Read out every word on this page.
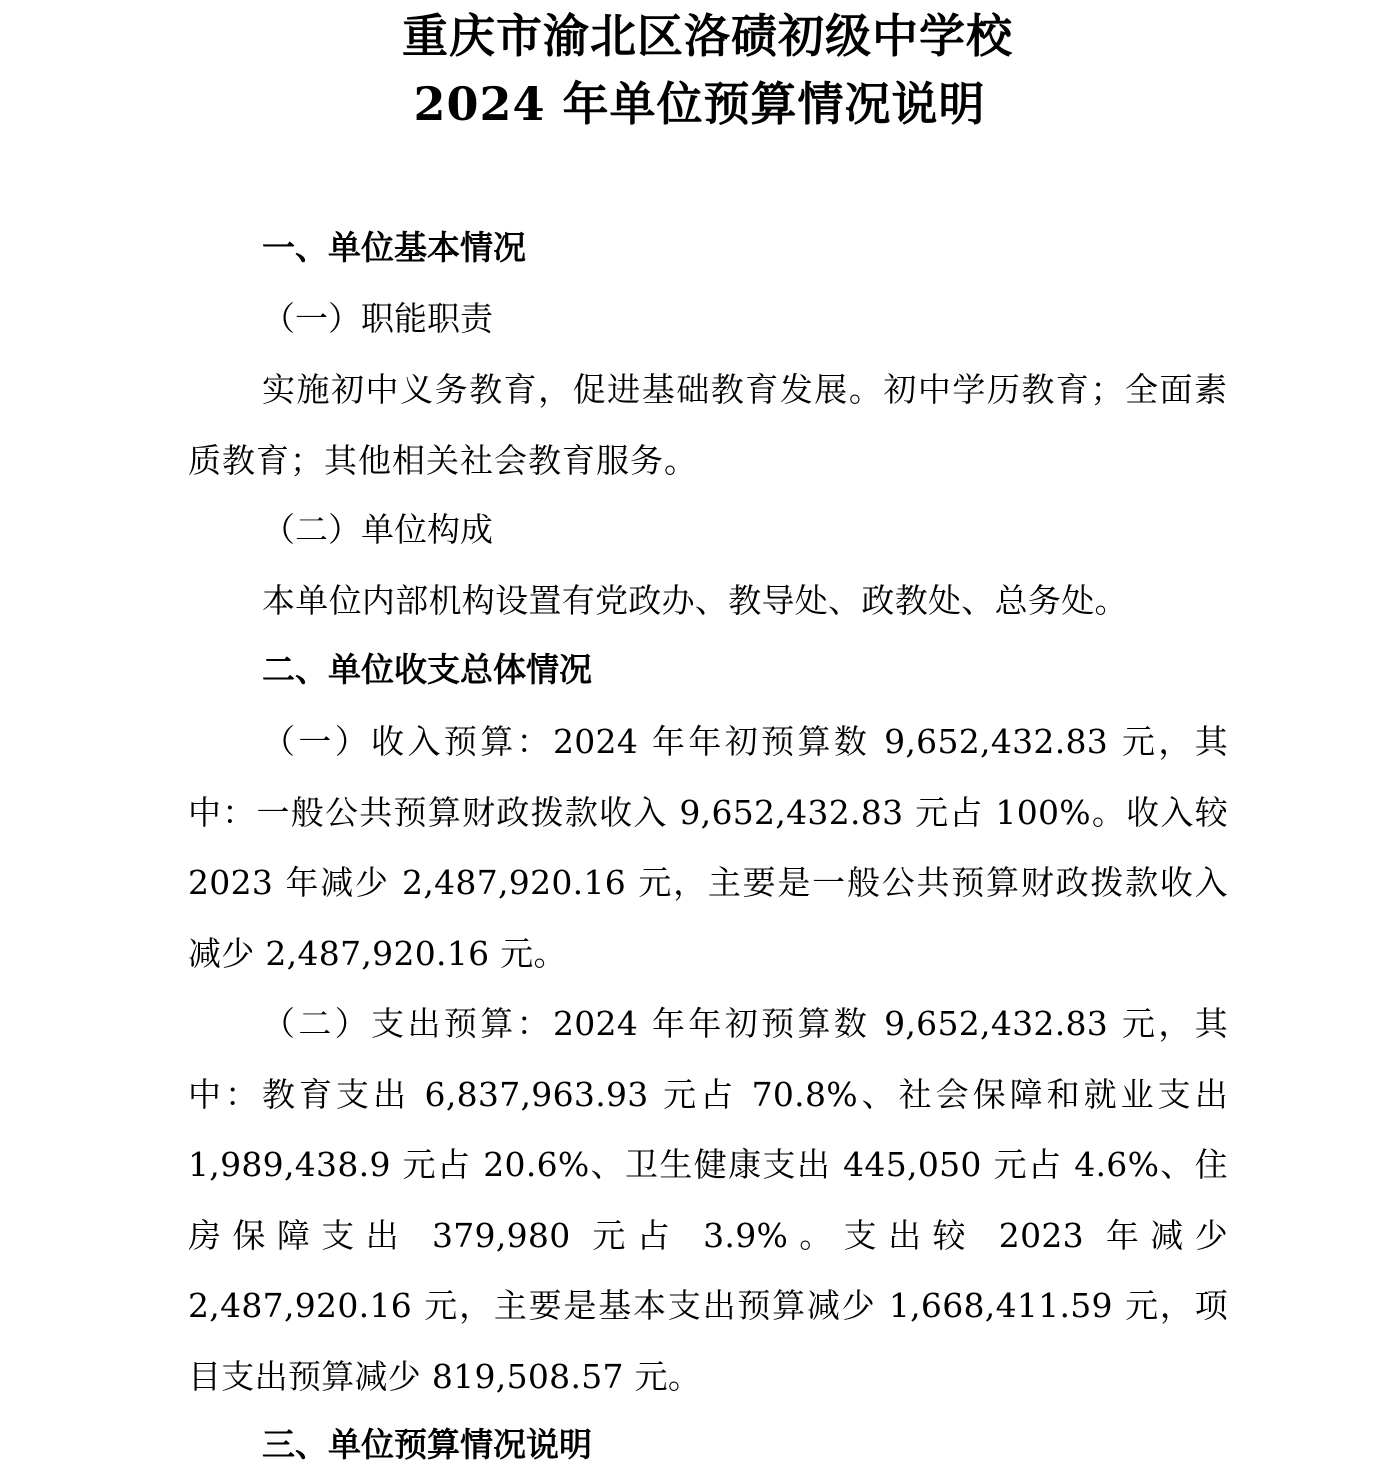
重庆市渝北区洛碛初级中学校
2024 年单位预算情况说明
一、单位基本情况
（一）职能职责
实施初中义务教育，促进基础教育发展。初中学历教育；全面素质教育；其他相关社会教育服务。
（二）单位构成
本单位内部机构设置有党政办、教导处、政教处、总务处。
二、单位收支总体情况
（一）收入预算：2024 年年初预算数 9,652,432.83 元，其中：一般公共预算财政拨款收入 9,652,432.83 元占 100%。收入较 2023 年减少 2,487,920.16 元，主要是一般公共预算财政拨款收入减少 2,487,920.16 元。
（二）支出预算：2024 年年初预算数 9,652,432.83 元，其中：教育支出 6,837,963.93 元占 70.8%、社会保障和就业支出 1,989,438.9 元占 20.6%、卫生健康支出 445,050 元占 4.6%、住房保障支出 379,980 元占 3.9%。支出较 2023 年减少 2,487,920.16 元，主要是基本支出预算减少 1,668,411.59 元，项目支出预算减少 819,508.57 元。
三、单位预算情况说明
